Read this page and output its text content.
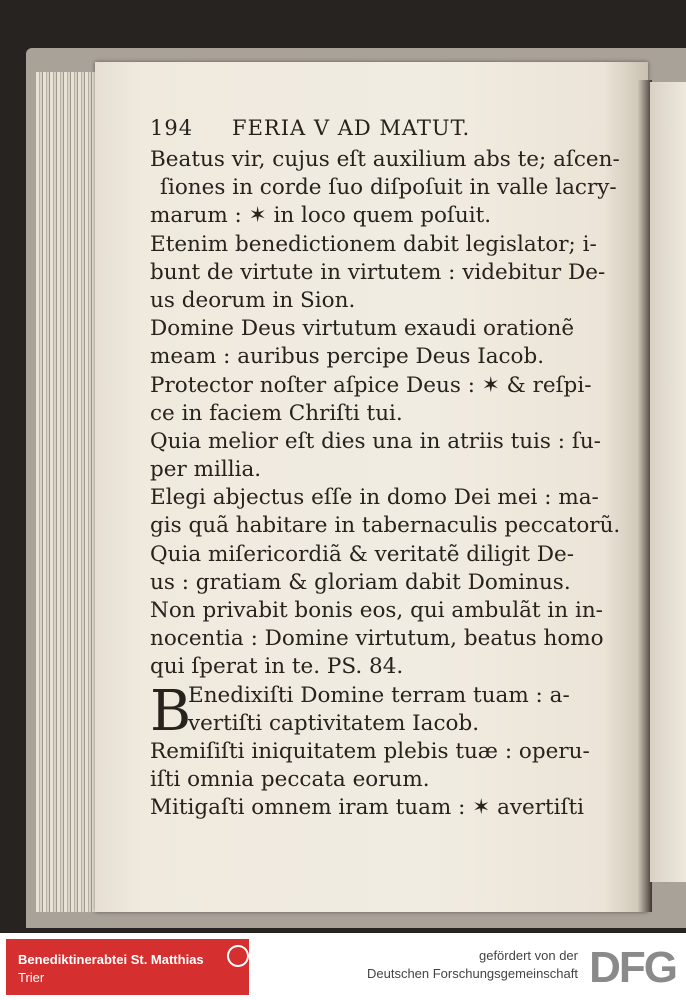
194 FERIA V AD MATUT.
Beatus vir, cujus eſt auxilium abs te; aſcen-
ſiones in corde ſuo diſpoſuit in valle lacry-
marum : ✶ in loco quem poſuit.
Etenim benedictionem dabit legislator; i-
bunt de virtute in virtutem : videbitur De-
us deorum in Sion.
Domine Deus virtutum exaudi orationẽ
meam : auribus percipe Deus Iacob.
Protector noſter aſpice Deus : ✶ & reſpi-
ce in faciem Chriſti tui.
Quia melior eſt dies una in atriis tuis : ſu-
per millia.
Elegi abjectus eſſe in domo Dei mei : ma-
gis quã habitare in tabernaculis peccatorũ.
Quia miſericordiã & veritatẽ diligit De-
us : gratiam & gloriam dabit Dominus.
Non privabit bonis eos, qui ambulãt in in-
nocentia : Domine virtutum, beatus homo
qui ſperat in te. PS. 84.
B
Enedixiſti Domine terram tuam : a-
vertiſti captivitatem Iacob.
Remiſiſti iniquitatem plebis tuæ : operu-
iſti omnia peccata eorum.
Mitigaſti omnem iram tuam : ✶ avertiſti
Benediktinerabtei St. Matthias
Trier
gefördert von der
Deutschen Forschungsgemeinschaft DFG
